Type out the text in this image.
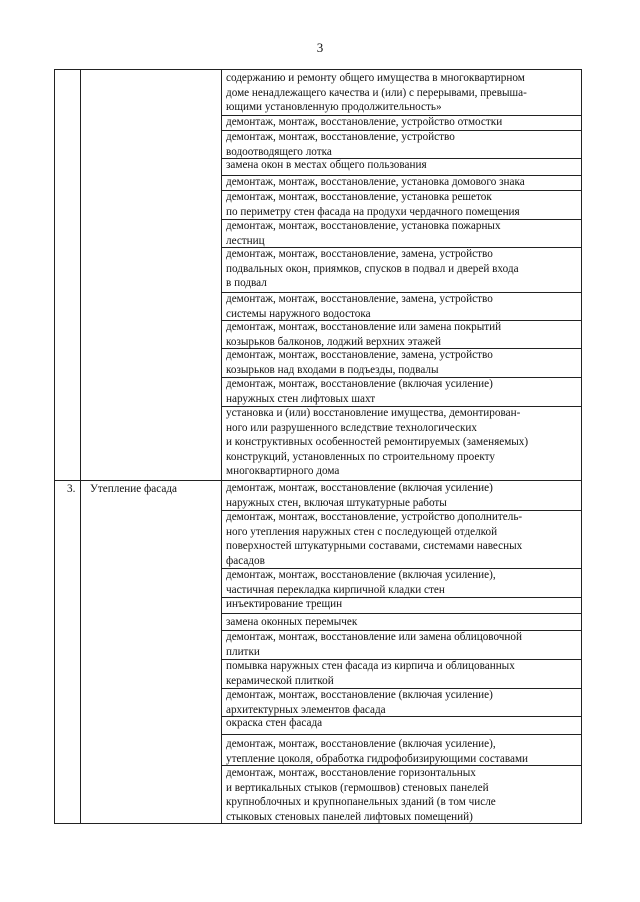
3
содержанию и ремонту общего имущества в многоквартирном
доме ненадлежащего качества и (или) с перерывами, превыша-
ющими установленную продолжительность»
демонтаж, монтаж, восстановление, устройство отмостки
демонтаж, монтаж, восстановление, устройство
водоотводящего лотка
замена окон в местах общего пользования
демонтаж, монтаж, восстановление, установка домового знака
демонтаж, монтаж, восстановление, установка решеток
по периметру стен фасада на продухи чердачного помещения
демонтаж, монтаж, восстановление, установка пожарных
лестниц
демонтаж, монтаж, восстановление, замена, устройство
подвальных окон, приямков, спусков в подвал и дверей входа
в подвал
демонтаж, монтаж, восстановление, замена, устройство
системы наружного водостока
демонтаж, монтаж, восстановление или замена покрытий
козырьков балконов, лоджий верхних этажей
демонтаж, монтаж, восстановление, замена, устройство
козырьков над входами в подъезды, подвалы
демонтаж, монтаж, восстановление (включая усиление)
наружных стен лифтовых шахт
установка и (или) восстановление имущества, демонтирован-
ного или разрушенного вследствие технологических
и конструктивных особенностей ремонтируемых (заменяемых)
конструкций, установленных по строительному проекту
многоквартирного дома
3. Утепление фасада	демонтаж, монтаж, восстановление (включая усиление)
наружных стен, включая штукатурные работы
демонтаж, монтаж, восстановление, устройство дополнитель-
ного утепления наружных стен с последующей отделкой
поверхностей штукатурными составами, системами навесных
фасадов
демонтаж, монтаж, восстановление (включая усиление),
частичная перекладка кирпичной кладки стен
инъектирование трещин
замена оконных перемычек
демонтаж, монтаж, восстановление или замена облицовочной
плитки
помывка наружных стен фасада из кирпича и облицованных
керамической плиткой
демонтаж, монтаж, восстановление (включая усиление)
архитектурных элементов фасада
окраска стен фасада
демонтаж, монтаж, восстановление (включая усиление),
утепление цоколя, обработка гидрофобизирующими составами
демонтаж, монтаж, восстановление горизонтальных
и вертикальных стыков (гермошвов) стеновых панелей
крупноблочных и крупнопанельных зданий (в том числе
стыковых стеновых панелей лифтовых помещений)
